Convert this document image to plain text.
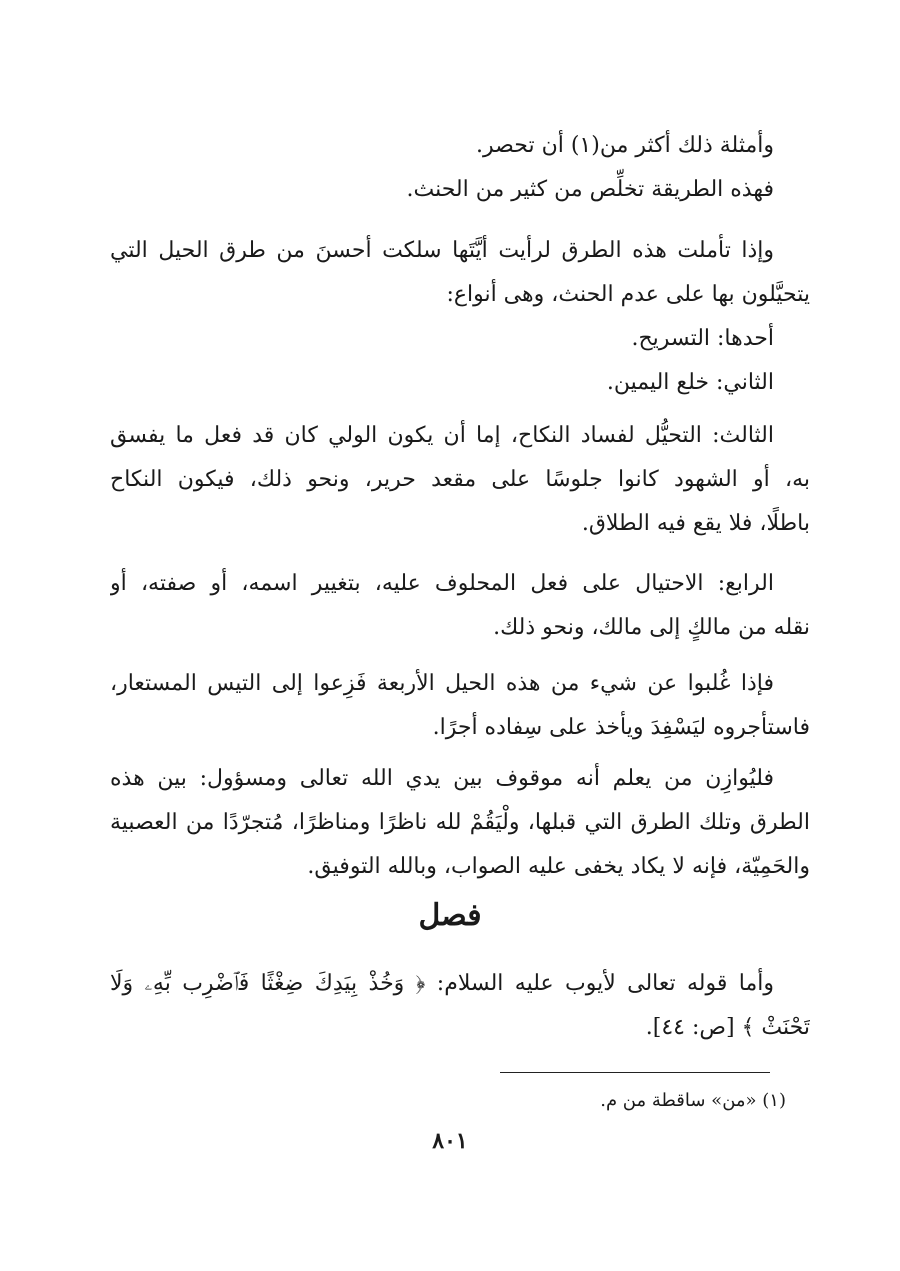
وأمثلة ذلك أكثر من(١) أن تحصر.
فهذه الطريقة تخلِّص من كثير من الحنث.
وإذا تأملت هذه الطرق لرأيت أيَّتَها سلكت أحسنَ من طرق الحيل التي
يتحيَّلون بها على عدم الحنث، وهى أنواع:
أحدها: التسريح.
الثاني: خلع اليمين.
الثالث: التحيُّل لفساد النكاح، إما أن يكون الولي كان قد فعل ما يفسق
به، أو الشهود كانوا جلوسًا على مقعد حرير، ونحو ذلك، فيكون النكاح
باطلًا، فلا يقع فيه الطلاق.
الرابع: الاحتيال على فعل المحلوف عليه، بتغيير اسمه، أو صفته، أو
نقله من مالكٍ إلى مالك، ونحو ذلك.
فإذا غُلبوا عن شيء من هذه الحيل الأربعة فَزِعوا إلى التيس المستعار،
فاستأجروه ليَسْفِدَ ويأخذ على سِفاده أجرًا.
فليُوازِن من يعلم أنه موقوف بين يدي الله تعالى ومسؤول: بين هذه
الطرق وتلك الطرق التي قبلها، ولْيَقُمْ لله ناظرًا ومناظرًا، مُتجرّدًا من العصبية
والحَمِيّة، فإنه لا يكاد يخفى عليه الصواب، وبالله التوفيق.
فصل
وأما قوله تعالى لأيوب عليه السلام: ﴿ وَخُذْ بِيَدِكَ ضِغْثًا فَٱضْرِب بِّهِۦ وَلَا
تَحْنَثْ ﴾ [ص: ٤٤].
(١) «من» ساقطة من م.
٨٠١
